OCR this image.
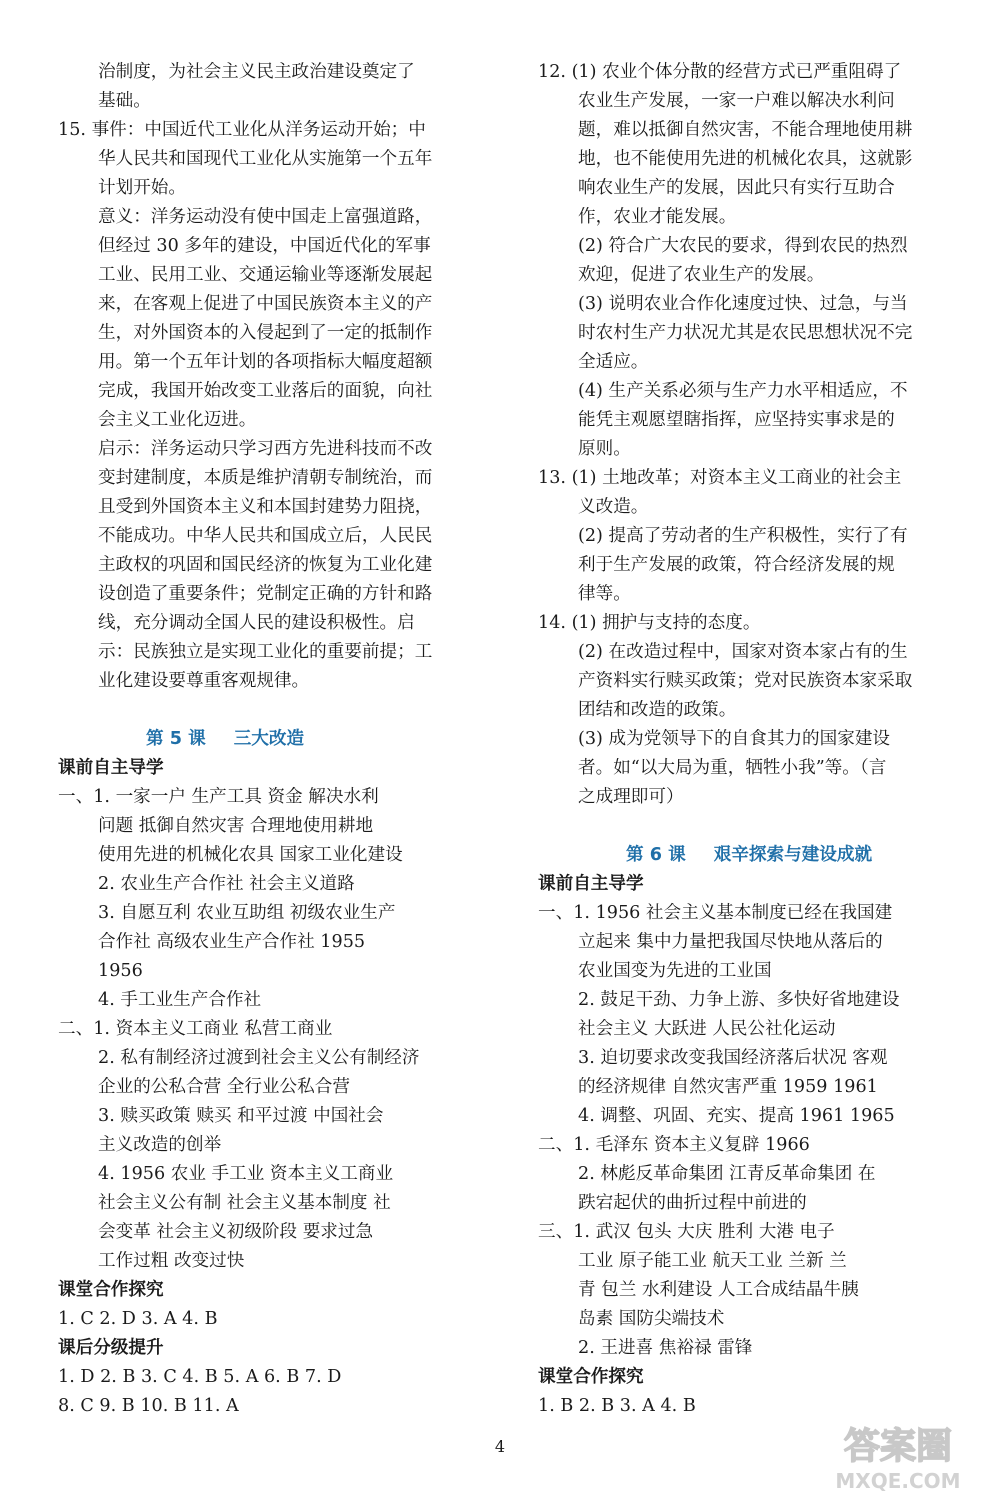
治制度，为社会主义民主政治建设奠定了
基础。
15. 事件：中国近代工业化从洋务运动开始；中
华人民共和国现代工业化从实施第一个五年
计划开始。
意义：洋务运动没有使中国走上富强道路，
但经过 30 多年的建设，中国近代化的军事
工业、民用工业、交通运输业等逐渐发展起
来，在客观上促进了中国民族资本主义的产
生，对外国资本的入侵起到了一定的抵制作
用。第一个五年计划的各项指标大幅度超额
完成，我国开始改变工业落后的面貌，向社
会主义工业化迈进。
启示：洋务运动只学习西方先进科技而不改
变封建制度，本质是维护清朝专制统治，而
且受到外国资本主义和本国封建势力阻挠，
不能成功。中华人民共和国成立后，人民民
主政权的巩固和国民经济的恢复为工业化建
设创造了重要条件；党制定正确的方针和路
线，充分调动全国人民的建设积极性。启
示：民族独立是实现工业化的重要前提；工
业化建设要尊重客观规律。
第 5 课 三大改造
课前自主导学
一、1. 一家一户 生产工具 资金 解决水利
问题 抵御自然灾害 合理地使用耕地
使用先进的机械化农具 国家工业化建设
2. 农业生产合作社 社会主义道路
3. 自愿互利 农业互助组 初级农业生产
合作社 高级农业生产合作社 1955
1956
4. 手工业生产合作社
二、1. 资本主义工商业 私营工商业
2. 私有制经济过渡到社会主义公有制经济
企业的公私合营 全行业公私合营
3. 赎买政策 赎买 和平过渡 中国社会
主义改造的创举
4. 1956 农业 手工业 资本主义工商业
社会主义公有制 社会主义基本制度 社
会变革 社会主义初级阶段 要求过急
工作过粗 改变过快
课堂合作探究
1. C 2. D 3. A 4. B
课后分级提升
1. D 2. B 3. C 4. B 5. A 6. B 7. D
8. C 9. B 10. B 11. A
12. (1) 农业个体分散的经营方式已严重阻碍了
农业生产发展，一家一户难以解决水利问
题，难以抵御自然灾害，不能合理地使用耕
地，也不能使用先进的机械化农具，这就影
响农业生产的发展，因此只有实行互助合
作，农业才能发展。
(2) 符合广大农民的要求，得到农民的热烈
欢迎，促进了农业生产的发展。
(3) 说明农业合作化速度过快、过急，与当
时农村生产力状况尤其是农民思想状况不完
全适应。
(4) 生产关系必须与生产力水平相适应，不
能凭主观愿望瞎指挥，应坚持实事求是的
原则。
13. (1) 土地改革；对资本主义工商业的社会主
义改造。
(2) 提高了劳动者的生产积极性，实行了有
利于生产发展的政策，符合经济发展的规
律等。
14. (1) 拥护与支持的态度。
(2) 在改造过程中，国家对资本家占有的生
产资料实行赎买政策；党对民族资本家采取
团结和改造的政策。
(3) 成为党领导下的自食其力的国家建设
者。如“以大局为重，牺牲小我”等。（言
之成理即可）
第 6 课 艰辛探索与建设成就
课前自主导学
一、1. 1956 社会主义基本制度已经在我国建
立起来 集中力量把我国尽快地从落后的
农业国变为先进的工业国
2. 鼓足干劲、力争上游、多快好省地建设
社会主义 大跃进 人民公社化运动
3. 迫切要求改变我国经济落后状况 客观
的经济规律 自然灾害严重 1959 1961
4. 调整、巩固、充实、提高 1961 1965
二、1. 毛泽东 资本主义复辟 1966
2. 林彪反革命集团 江青反革命集团 在
跌宕起伏的曲折过程中前进的
三、1. 武汉 包头 大庆 胜利 大港 电子
工业 原子能工业 航天工业 兰新 兰
青 包兰 水利建设 人工合成结晶牛胰
岛素 国防尖端技术
2. 王进喜 焦裕禄 雷锋
课堂合作探究
1. B 2. B 3. A 4. B
4	答案圈
MXQE.COM
